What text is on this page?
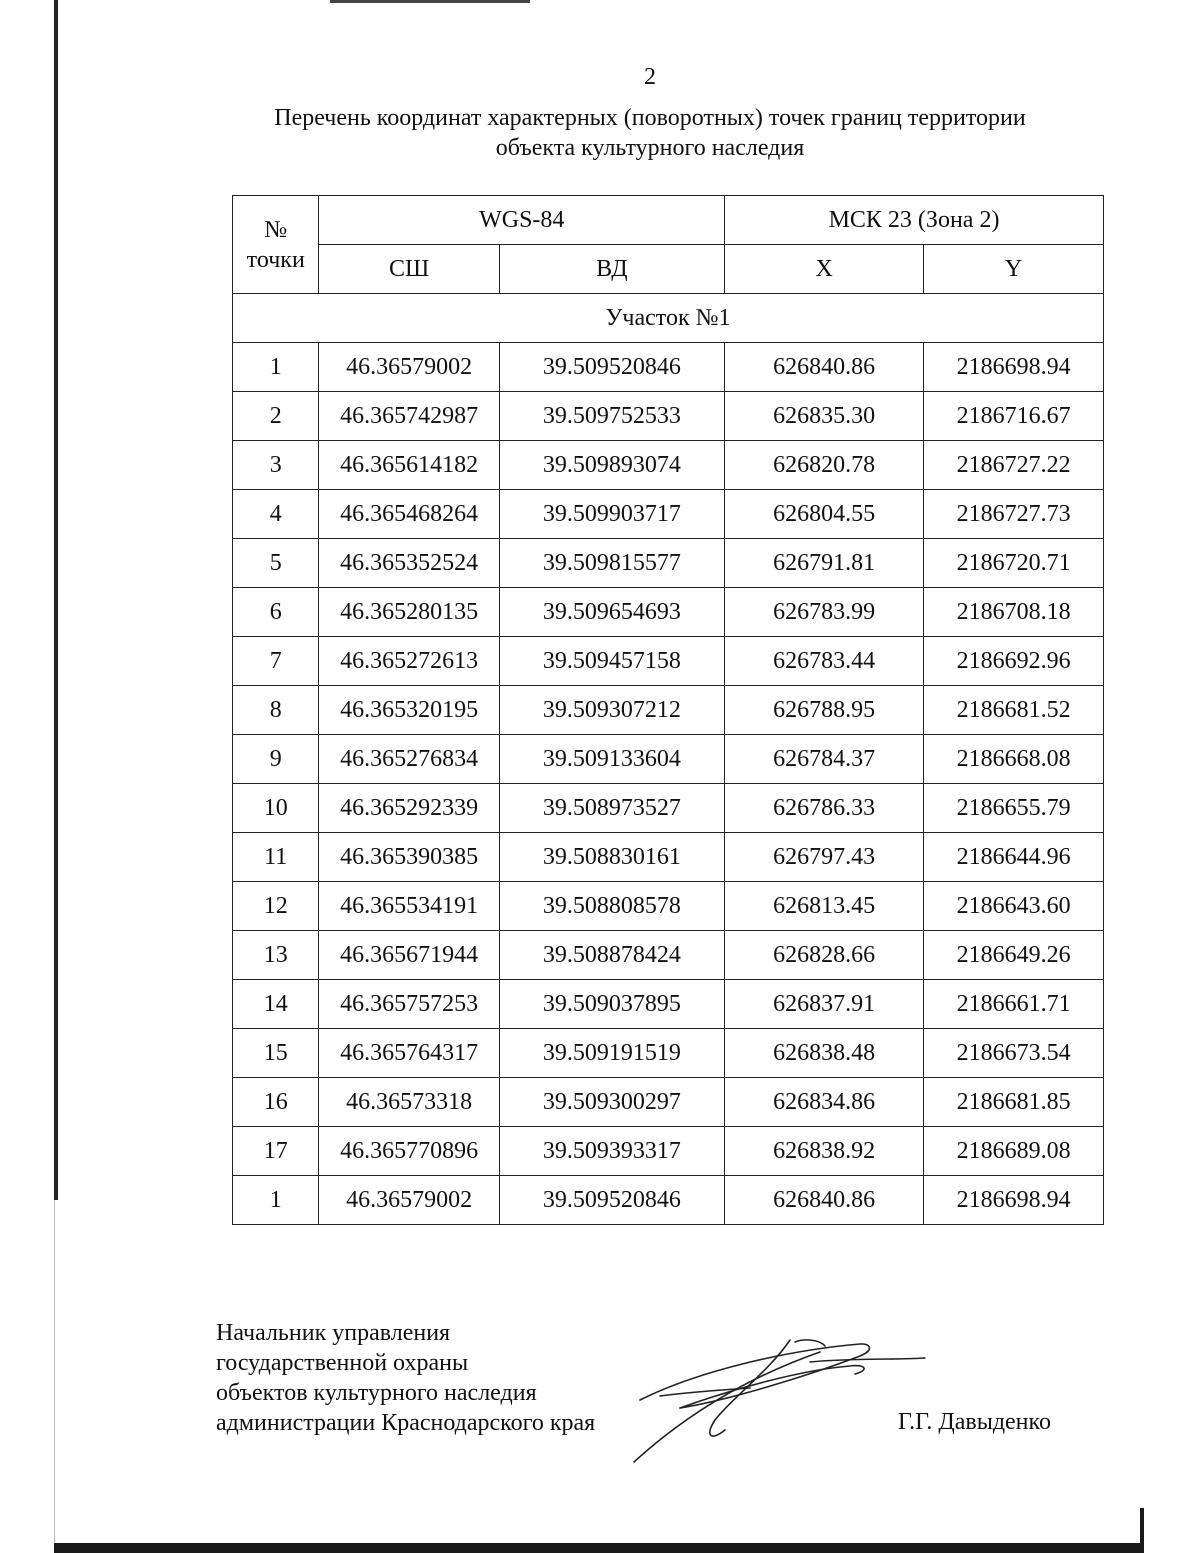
2
Перечень координат характерных (поворотных) точек границ территории
объекта культурного наследия
№
точки	WGS-84		МСК 23 (Зона 2)	
	СШ	ВД	X	Y
Участок №1				
1	46.36579002	39.509520846	626840.86	2186698.94
2	46.365742987	39.509752533	626835.30	2186716.67
3	46.365614182	39.509893074	626820.78	2186727.22
4	46.365468264	39.509903717	626804.55	2186727.73
5	46.365352524	39.509815577	626791.81	2186720.71
6	46.365280135	39.509654693	626783.99	2186708.18
7	46.365272613	39.509457158	626783.44	2186692.96
8	46.365320195	39.509307212	626788.95	2186681.52
9	46.365276834	39.509133604	626784.37	2186668.08
10	46.365292339	39.508973527	626786.33	2186655.79
11	46.365390385	39.508830161	626797.43	2186644.96
12	46.365534191	39.508808578	626813.45	2186643.60
13	46.365671944	39.508878424	626828.66	2186649.26
14	46.365757253	39.509037895	626837.91	2186661.71
15	46.365764317	39.509191519	626838.48	2186673.54
16	46.36573318	39.509300297	626834.86	2186681.85
17	46.365770896	39.509393317	626838.92	2186689.08
1	46.36579002	39.509520846	626840.86	2186698.94
Начальник управления
государственной охраны
объектов культурного наследия
администрации Краснодарского края	Г.Г. Давыденко
